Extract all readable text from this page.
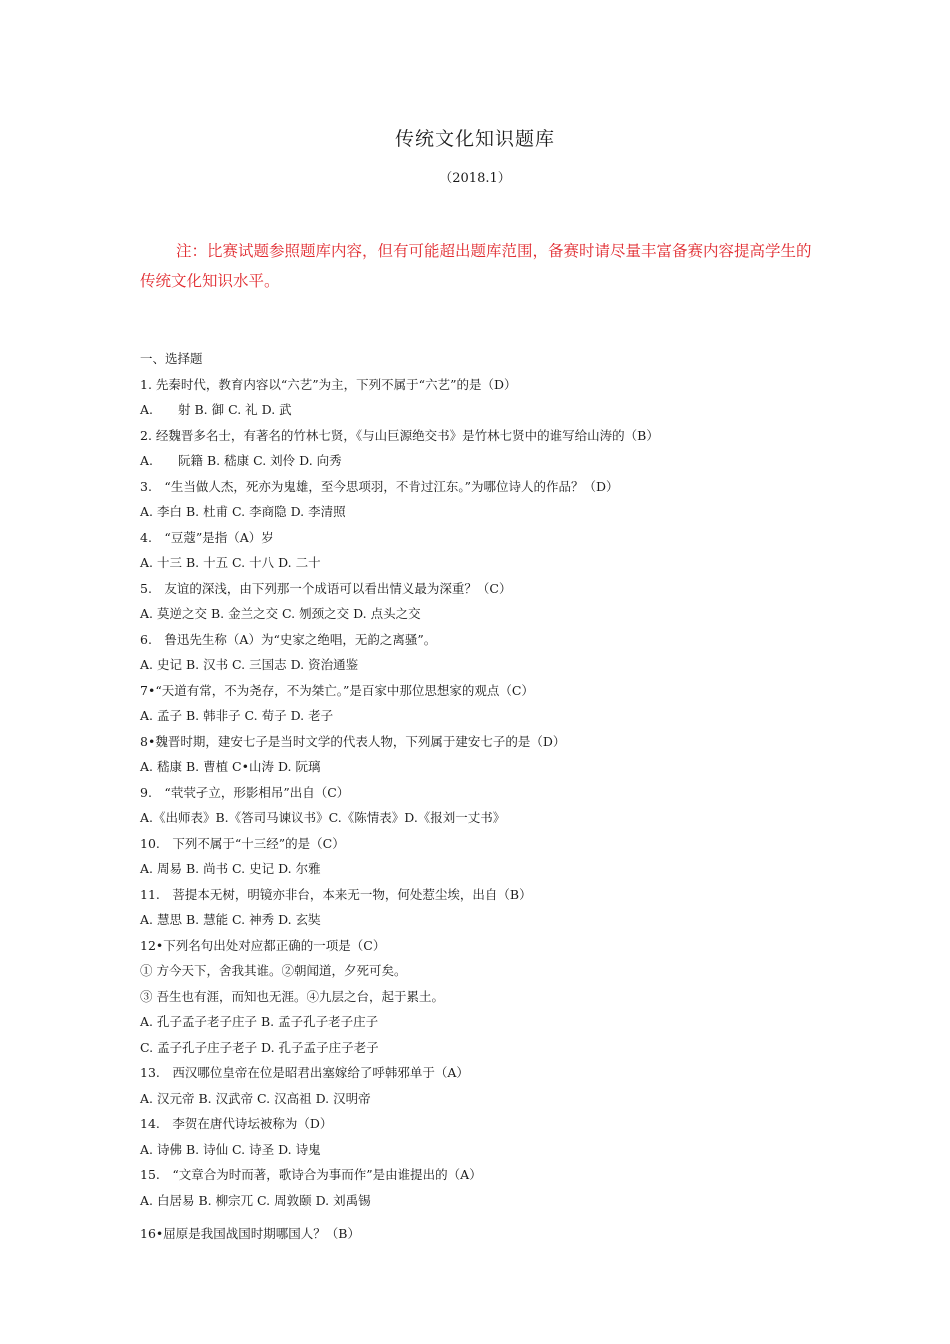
传统文化知识题库
（2018.1）
注：比赛试题参照题库内容，但有可能超出题库范围，备赛时请尽量丰富备赛内容提高学生的传统文化知识水平。
一、选择题
1. 先秦时代，教育内容以“六艺”为主，下列不属于“六艺”的是（D）
A.　　射 B. 御 C. 礼 D. 武
2. 经魏晋多名士，有著名的竹林七贤，《与山巨源绝交书》是竹林七贤中的谁写给山涛的（B）
A.　　阮籍 B. 嵇康 C. 刘伶 D. 向秀
3.　“生当做人杰，死亦为鬼雄，至今思项羽，不肯过江东。”为哪位诗人的作品？（D）
A. 李白 B. 杜甫 C. 李商隐 D. 李清照
4.　“豆蔻”是指（A）岁
A. 十三 B. 十五 C. 十八 D. 二十
5.　友谊的深浅，由下列那一个成语可以看出情义最为深重？（C）
A. 莫逆之交 B. 金兰之交 C. 刎颈之交 D. 点头之交
6.　鲁迅先生称（A）为“史家之绝唱，无韵之离骚”。
A. 史记 B. 汉书 C. 三国志 D. 资治通鉴
7•“天道有常，不为尧存，不为桀亡。”是百家中那位思想家的观点（C）
A. 孟子 B. 韩非子 C. 荀子 D. 老子
8•魏晋时期，建安七子是当时文学的代表人物，下列属于建安七子的是（D）
A. 嵇康 B. 曹植 C•山涛 D. 阮璃
9.　“茕茕孑立，形影相吊”出自（C）
A.《出师表》B.《答司马谏议书》C.《陈情表》D.《报刘一丈书》
10.　下列不属于“十三经”的是（C）
A. 周易 B. 尚书 C. 史记 D. 尔雅
11.　菩提本无树，明镜亦非台，本来无一物，何处惹尘埃，出自（B）
A. 慧思 B. 慧能 C. 神秀 D. 玄奘
12•下列名句出处对应都正确的一项是（C）
① 方今天下，舍我其谁。②朝闻道，夕死可矣。
③ 吾生也有涯，而知也无涯。④九层之台，起于累土。
A. 孔子孟子老子庄子 B. 孟子孔子老子庄子
C. 孟子孔子庄子老子 D. 孔子孟子庄子老子
13.　西汉哪位皇帝在位是昭君出塞嫁给了呼韩邪单于（A）
A. 汉元帝 B. 汉武帝 C. 汉高祖 D. 汉明帝
14.　李贺在唐代诗坛被称为（D）
A. 诗佛 B. 诗仙 C. 诗圣 D. 诗鬼
15.　“文章合为时而著，歌诗合为事而作”是由谁提出的（A）
A. 白居易 B. 柳宗兀 C. 周敦颐 D. 刘禹锡
16•屈原是我国战国时期哪国人？（B）
